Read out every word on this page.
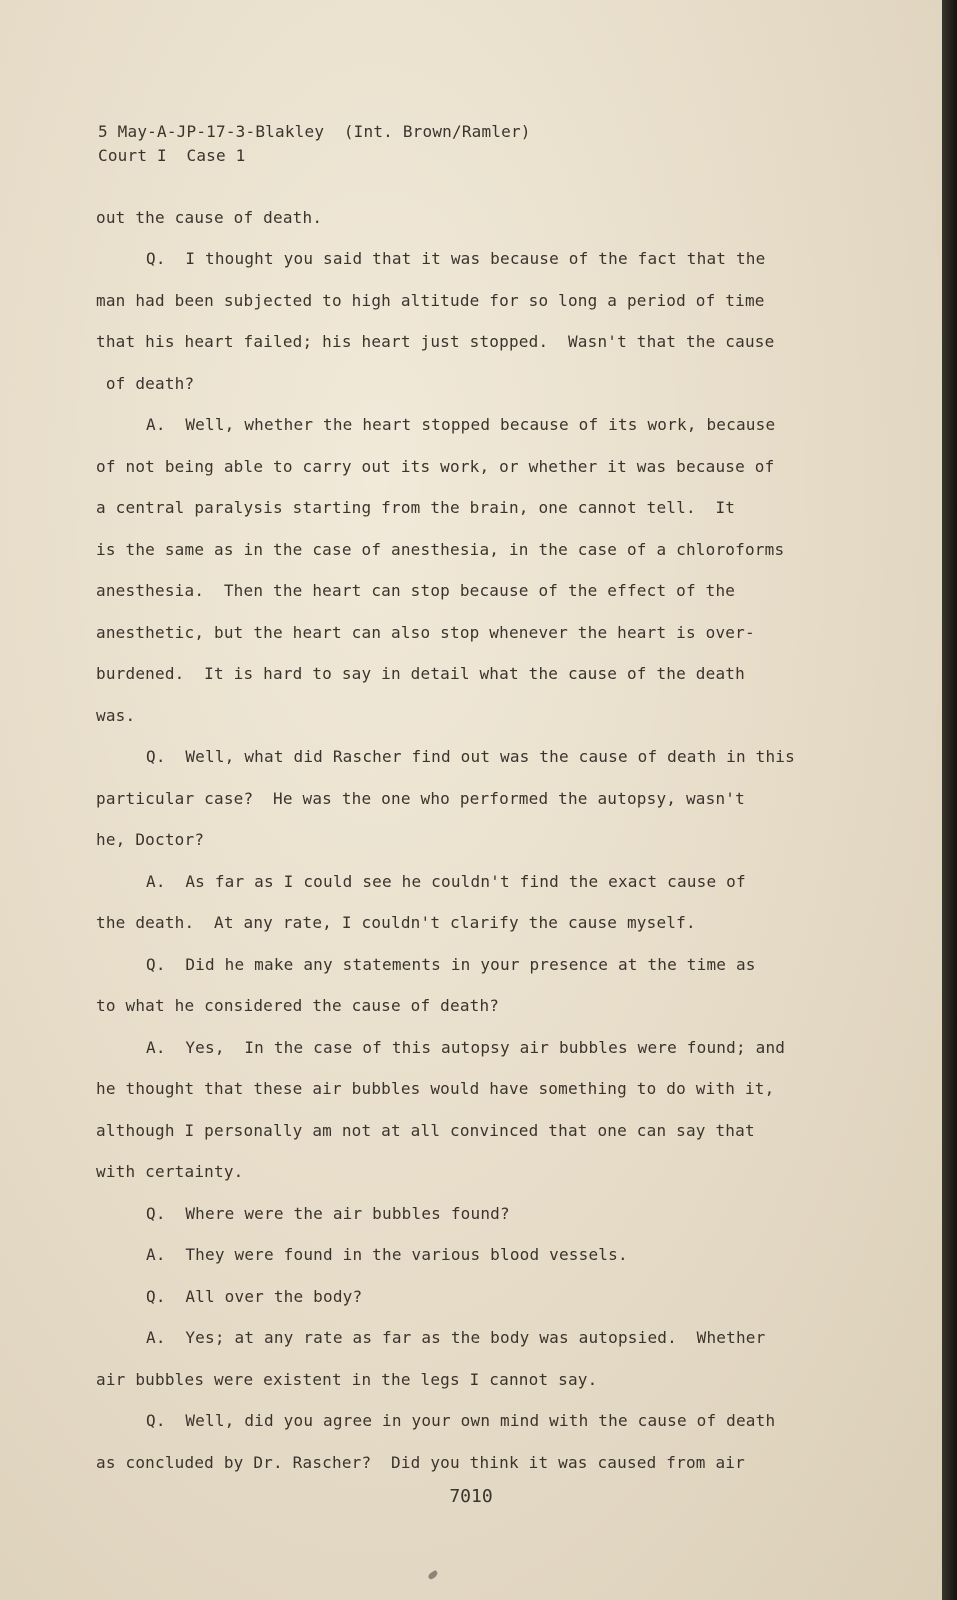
5 May-A-JP-17-3-Blakley  (Int. Brown/Ramler)
Court I  Case 1
out the cause of death.
Q.  I thought you said that it was because of the fact that the
man had been subjected to high altitude for so long a period of time
that his heart failed; his heart just stopped.  Wasn't that the cause
of death?
A.  Well, whether the heart stopped because of its work, because
of not being able to carry out its work, or whether it was because of
a central paralysis starting from the brain, one cannot tell.  It
is the same as in the case of anesthesia, in the case of a chloroforms
anesthesia.  Then the heart can stop because of the effect of the
anesthetic, but the heart can also stop whenever the heart is over-
burdened.  It is hard to say in detail what the cause of the death
was.
Q.  Well, what did Rascher find out was the cause of death in this
particular case?  He was the one who performed the autopsy, wasn't
he, Doctor?
A.  As far as I could see he couldn't find the exact cause of
the death.  At any rate, I couldn't clarify the cause myself.
Q.  Did he make any statements in your presence at the time as
to what he considered the cause of death?
A.  Yes,  In the case of this autopsy air bubbles were found; and
he thought that these air bubbles would have something to do with it,
although I personally am not at all convinced that one can say that
with certainty.
Q.  Where were the air bubbles found?
A.  They were found in the various blood vessels.
Q.  All over the body?
A.  Yes; at any rate as far as the body was autopsied.  Whether
air bubbles were existent in the legs I cannot say.
Q.  Well, did you agree in your own mind with the cause of death
as concluded by Dr. Rascher?  Did you think it was caused from air
7010
